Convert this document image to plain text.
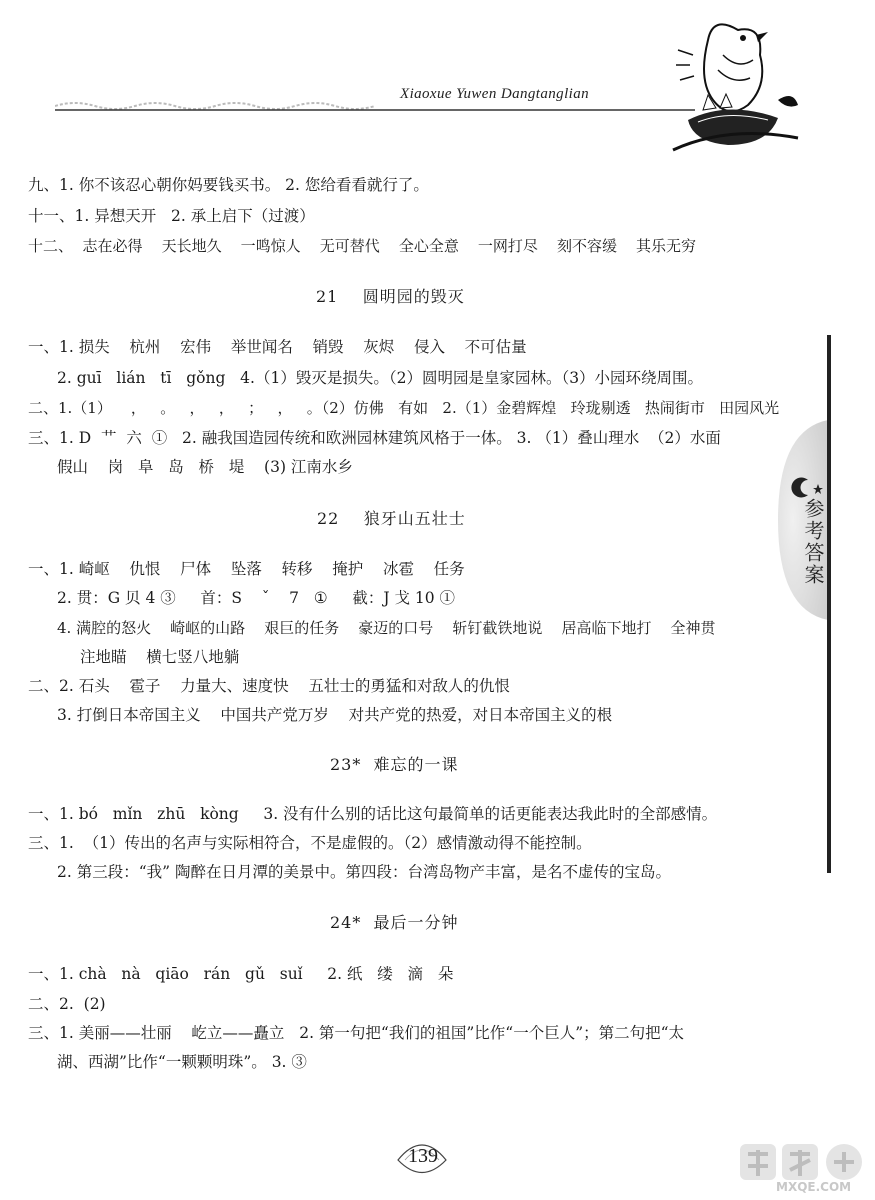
Xiaoxue Yuwen Dangtanglian
九、1. 你不该忍心朝你妈要钱买书。 2. 您给看看就行了。
十一、1. 异想天开   2. 承上启下（过渡）
十二、  志在必得    天长地久    一鸣惊人    无可替代    全心全意    一网打尽    刻不容缓    其乐无穷
21    圆明园的毁灭
一、1. 损失    杭州    宏伟    举世闻名    销毁    灰烬    侵入    不可估量
2. guī   lián   tī   gǒng   4.（1）毁灭是损失。（2）圆明园是皇家园林。（3）小园环绕周围。
二、1.（1）    ，   。   ，   ，   ；   ，   。（2）仿佛   有如   2.（1）金碧辉煌   玲珑剔透   热闹街市   田园风光
三、1. D  艹  六  ①   2. 融我国造园传统和欧洲园林建筑风格于一体。 3. （1）叠山理水  （2）水面
假山    岗   阜   岛   桥   堤    (3) 江南水乡
22    狼牙山五壮士
一、1. 崎岖    仇恨    尸体    坠落    转移    掩护    冰雹    任务
2. 贯：G 贝 4 ③     首：S    ˇ    7   ①     截：J 戈 10 ①
4. 满腔的怒火    崎岖的山路    艰巨的任务    豪迈的口号    斩钉截铁地说    居高临下地打    全神贯
注地瞄    横七竖八地躺
二、2. 石头    雹子    力量大、速度快    五壮士的勇猛和对敌人的仇恨
3. 打倒日本帝国主义    中国共产党万岁    对共产党的热爱，对日本帝国主义的根
23*  难忘的一课
一、1. bó   mǐn   zhū   kòng     3. 没有什么别的话比这句最简单的话更能表达我此时的全部感情。
三、1.  （1）传出的名声与实际相符合，不是虚假的。（2）感情激动得不能控制。
2. 第三段：“我” 陶醉在日月潭的美景中。第四段：台湾岛物产丰富，是名不虚传的宝岛。
24*  最后一分钟
一、1. chà   nà   qiāo   rán   gǔ   suǐ     2. 纸   缕   滴   朵
二、2.  (2)
三、1. 美丽——壮丽    屹立——矗立   2. 第一句把“我们的祖国”比作“一个巨人”；第二句把“太
湖、西湖”比作“一颗颗明珠”。 3. ③
参考答案
139
MXQE.COM
